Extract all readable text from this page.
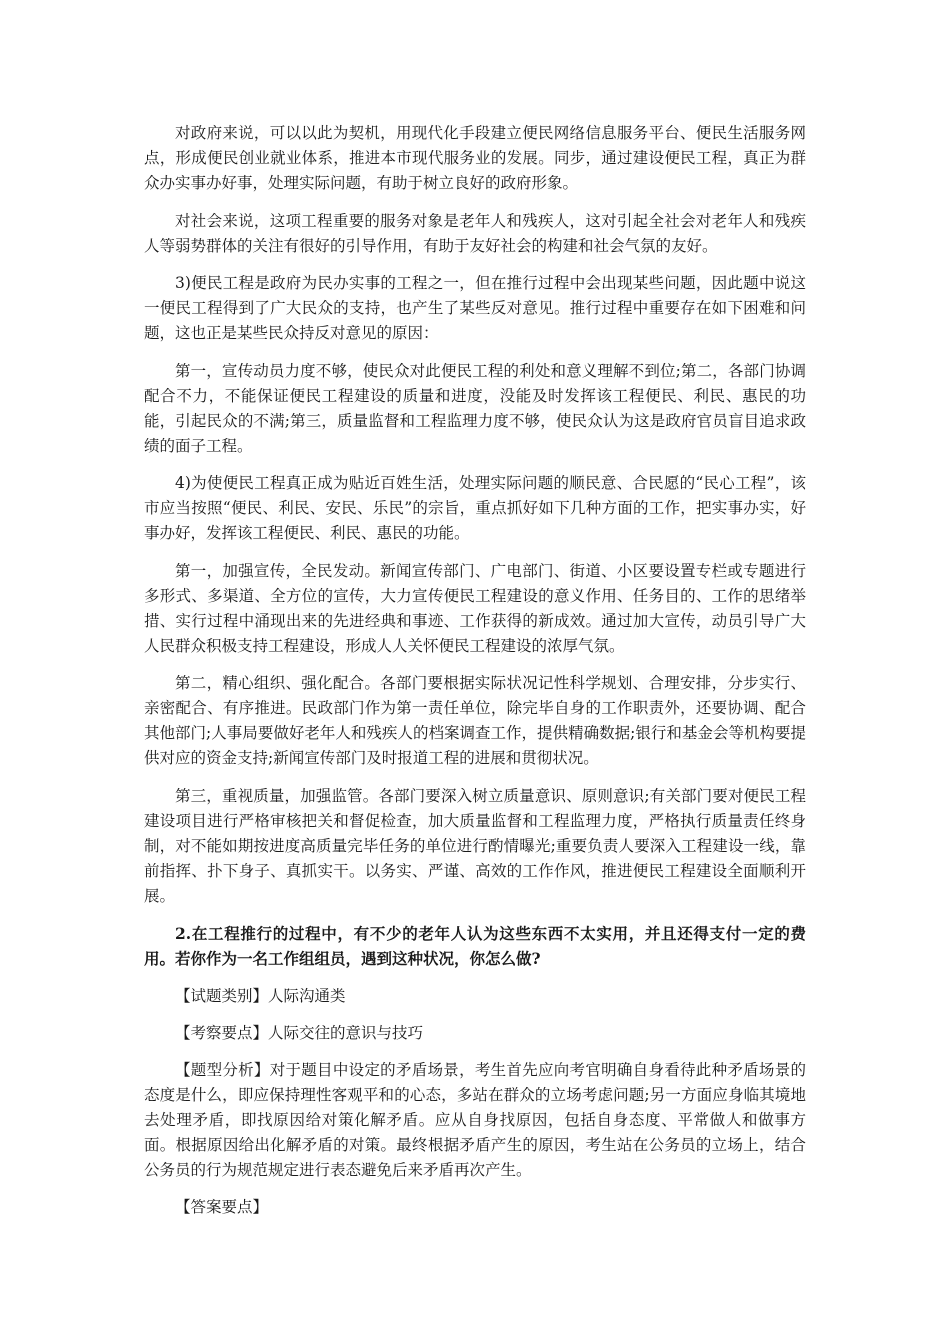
对政府来说，可以以此为契机，用现代化手段建立便民网络信息服务平台、便民生活服务网点，形成便民创业就业体系，推进本市现代服务业的发展。同步，通过建设便民工程，真正为群众办实事办好事，处理实际问题，有助于树立良好的政府形象。

对社会来说，这项工程重要的服务对象是老年人和残疾人，这对引起全社会对老年人和残疾人等弱势群体的关注有很好的引导作用，有助于友好社会的构建和社会气氛的友好。

3)便民工程是政府为民办实事的工程之一，但在推行过程中会出现某些问题，因此题中说这一便民工程得到了广大民众的支持，也产生了某些反对意见。推行过程中重要存在如下困难和问题，这也正是某些民众持反对意见的原因：

第一，宣传动员力度不够，使民众对此便民工程的利处和意义理解不到位;第二，各部门协调配合不力，不能保证便民工程建设的质量和进度，没能及时发挥该工程便民、利民、惠民的功能，引起民众的不满;第三，质量监督和工程监理力度不够，使民众认为这是政府官员盲目追求政绩的面子工程。

4)为使便民工程真正成为贴近百姓生活，处理实际问题的顺民意、合民愿的“民心工程”，该市应当按照“便民、利民、安民、乐民”的宗旨，重点抓好如下几种方面的工作，把实事办实，好事办好，发挥该工程便民、利民、惠民的功能。

第一，加强宣传，全民发动。新闻宣传部门、广电部门、街道、小区要设置专栏或专题进行多形式、多渠道、全方位的宣传，大力宣传便民工程建设的意义作用、任务目的、工作的思绪举措、实行过程中涌现出来的先进经典和事迹、工作获得的新成效。通过加大宣传，动员引导广大人民群众积极支持工程建设，形成人人关怀便民工程建设的浓厚气氛。

第二，精心组织、强化配合。各部门要根据实际状况记性科学规划、合理安排，分步实行、亲密配合、有序推进。民政部门作为第一责任单位，除完毕自身的工作职责外，还要协调、配合其他部门;人事局要做好老年人和残疾人的档案调查工作，提供精确数据;银行和基金会等机构要提供对应的资金支持;新闻宣传部门及时报道工程的进展和贯彻状况。

第三，重视质量，加强监管。各部门要深入树立质量意识、原则意识;有关部门要对便民工程建设项目进行严格审核把关和督促检查，加大质量监督和工程监理力度，严格执行质量责任终身制，对不能如期按进度高质量完毕任务的单位进行酌情曝光;重要负责人要深入工程建设一线，靠前指挥、扑下身子、真抓实干。以务实、严谨、高效的工作作风，推进便民工程建设全面顺利开展。

2.在工程推行的过程中，有不少的老年人认为这些东西不太实用，并且还得支付一定的费用。若你作为一名工作组组员，遇到这种状况，你怎么做?

【试题类别】人际沟通类

【考察要点】人际交往的意识与技巧

【题型分析】对于题目中设定的矛盾场景，考生首先应向考官明确自身看待此种矛盾场景的态度是什么，即应保持理性客观平和的心态，多站在群众的立场考虑问题;另一方面应身临其境地去处理矛盾，即找原因给对策化解矛盾。应从自身找原因，包括自身态度、平常做人和做事方面。根据原因给出化解矛盾的对策。最终根据矛盾产生的原因，考生站在公务员的立场上，结合公务员的行为规范规定进行表态避免后来矛盾再次产生。

【答案要点】
